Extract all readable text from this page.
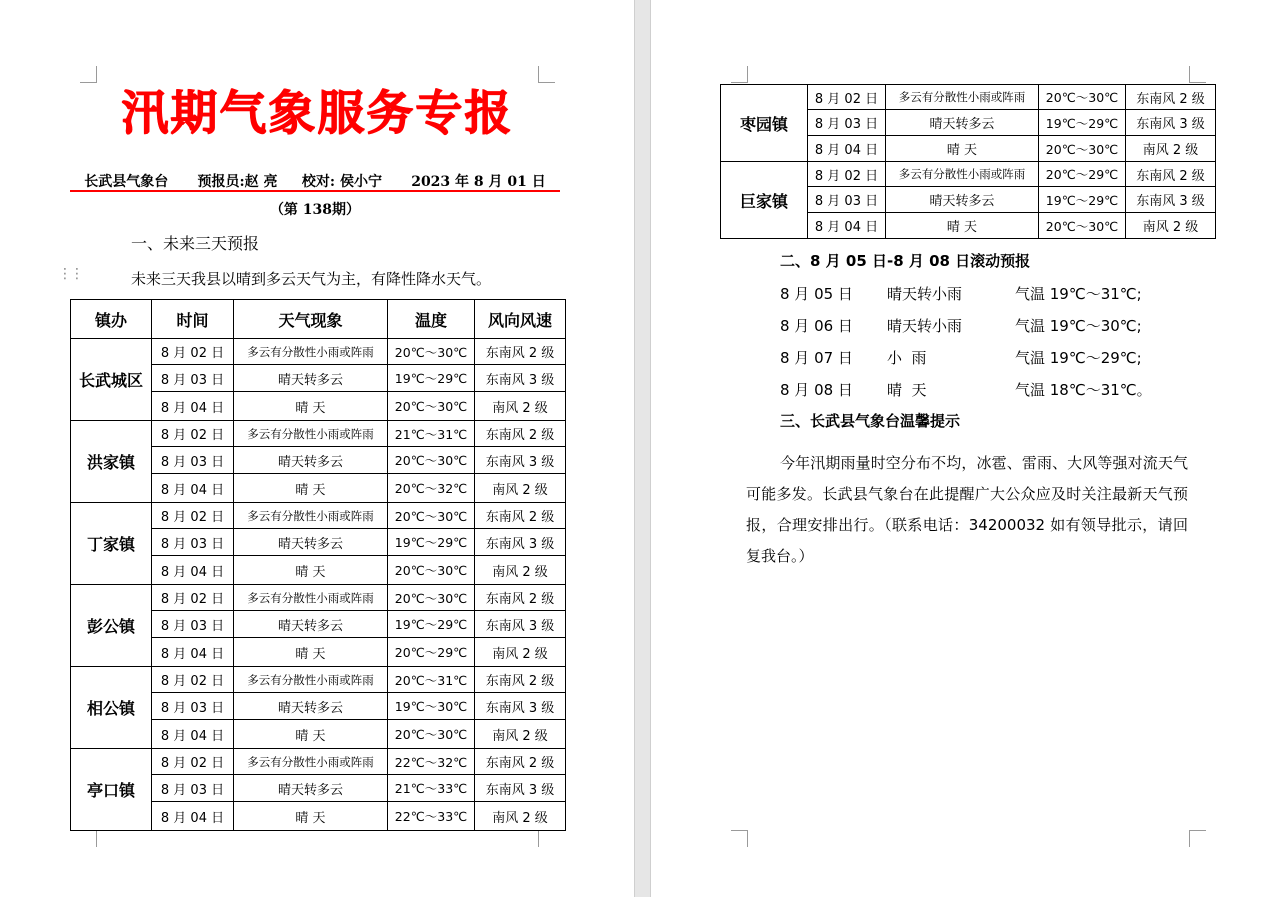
汛期气象服务专报
长武县气象台 预报员:赵 亮 校对: 侯小宁 2023 年 8 月 01 日
（第 138期）
一、未来三天预报
⋮⋮	未来三天我县以晴到多云天气为主，有降性降水天气。
镇办	时间	天气现象	温度	风向风速
长武城区	8 月 02 日	多云有分散性小雨或阵雨	20℃～30℃	东南风 2 级
	8 月 03 日	晴天转多云	19℃～29℃	东南风 3 级
	8 月 04 日	晴 天	20℃～30℃	南风 2 级
洪家镇	8 月 02 日	多云有分散性小雨或阵雨	21℃～31℃	东南风 2 级
	8 月 03 日	晴天转多云	20℃～30℃	东南风 3 级
	8 月 04 日	晴 天	20℃～32℃	南风 2 级
丁家镇	8 月 02 日	多云有分散性小雨或阵雨	20℃～30℃	东南风 2 级
	8 月 03 日	晴天转多云	19℃～29℃	东南风 3 级
	8 月 04 日	晴 天	20℃～30℃	南风 2 级
彭公镇	8 月 02 日	多云有分散性小雨或阵雨	20℃～30℃	东南风 2 级
	8 月 03 日	晴天转多云	19℃～29℃	东南风 3 级
	8 月 04 日	晴 天	20℃～29℃	南风 2 级
相公镇	8 月 02 日	多云有分散性小雨或阵雨	20℃～31℃	东南风 2 级
	8 月 03 日	晴天转多云	19℃～30℃	东南风 3 级
	8 月 04 日	晴 天	20℃～30℃	南风 2 级
亭口镇	8 月 02 日	多云有分散性小雨或阵雨	22℃～32℃	东南风 2 级
	8 月 03 日	晴天转多云	21℃～33℃	东南风 3 级
	8 月 04 日	晴 天	22℃～33℃	南风 2 级
枣园镇	8 月 02 日	多云有分散性小雨或阵雨	20℃～30℃	东南风 2 级
	8 月 03 日	晴天转多云	19℃～29℃	东南风 3 级
	8 月 04 日	晴 天	20℃～30℃	南风 2 级
巨家镇	8 月 02 日	多云有分散性小雨或阵雨	20℃～29℃	东南风 2 级
	8 月 03 日	晴天转多云	19℃～29℃	东南风 3 级
	8 月 04 日	晴 天	20℃～30℃	南风 2 级
二、8 月 05 日-8 月 08 日滚动预报
8 月 05 日 晴天转小雨	气温 19℃～31℃;
8 月 06 日 晴天转小雨	气温 19℃～30℃;
8 月 07 日 小  雨	气温 19℃～29℃;
8 月 08 日 晴  天	气温 18℃～31℃。
三、长武县气象台温馨提示
今年汛期雨量时空分布不均，冰雹、雷雨、大风等强对流天气可能多发。长武县气象台在此提醒广大公众应及时关注最新天气预报，合理安排出行。（联系电话：34200032 如有领导批示，请回复我台。）
